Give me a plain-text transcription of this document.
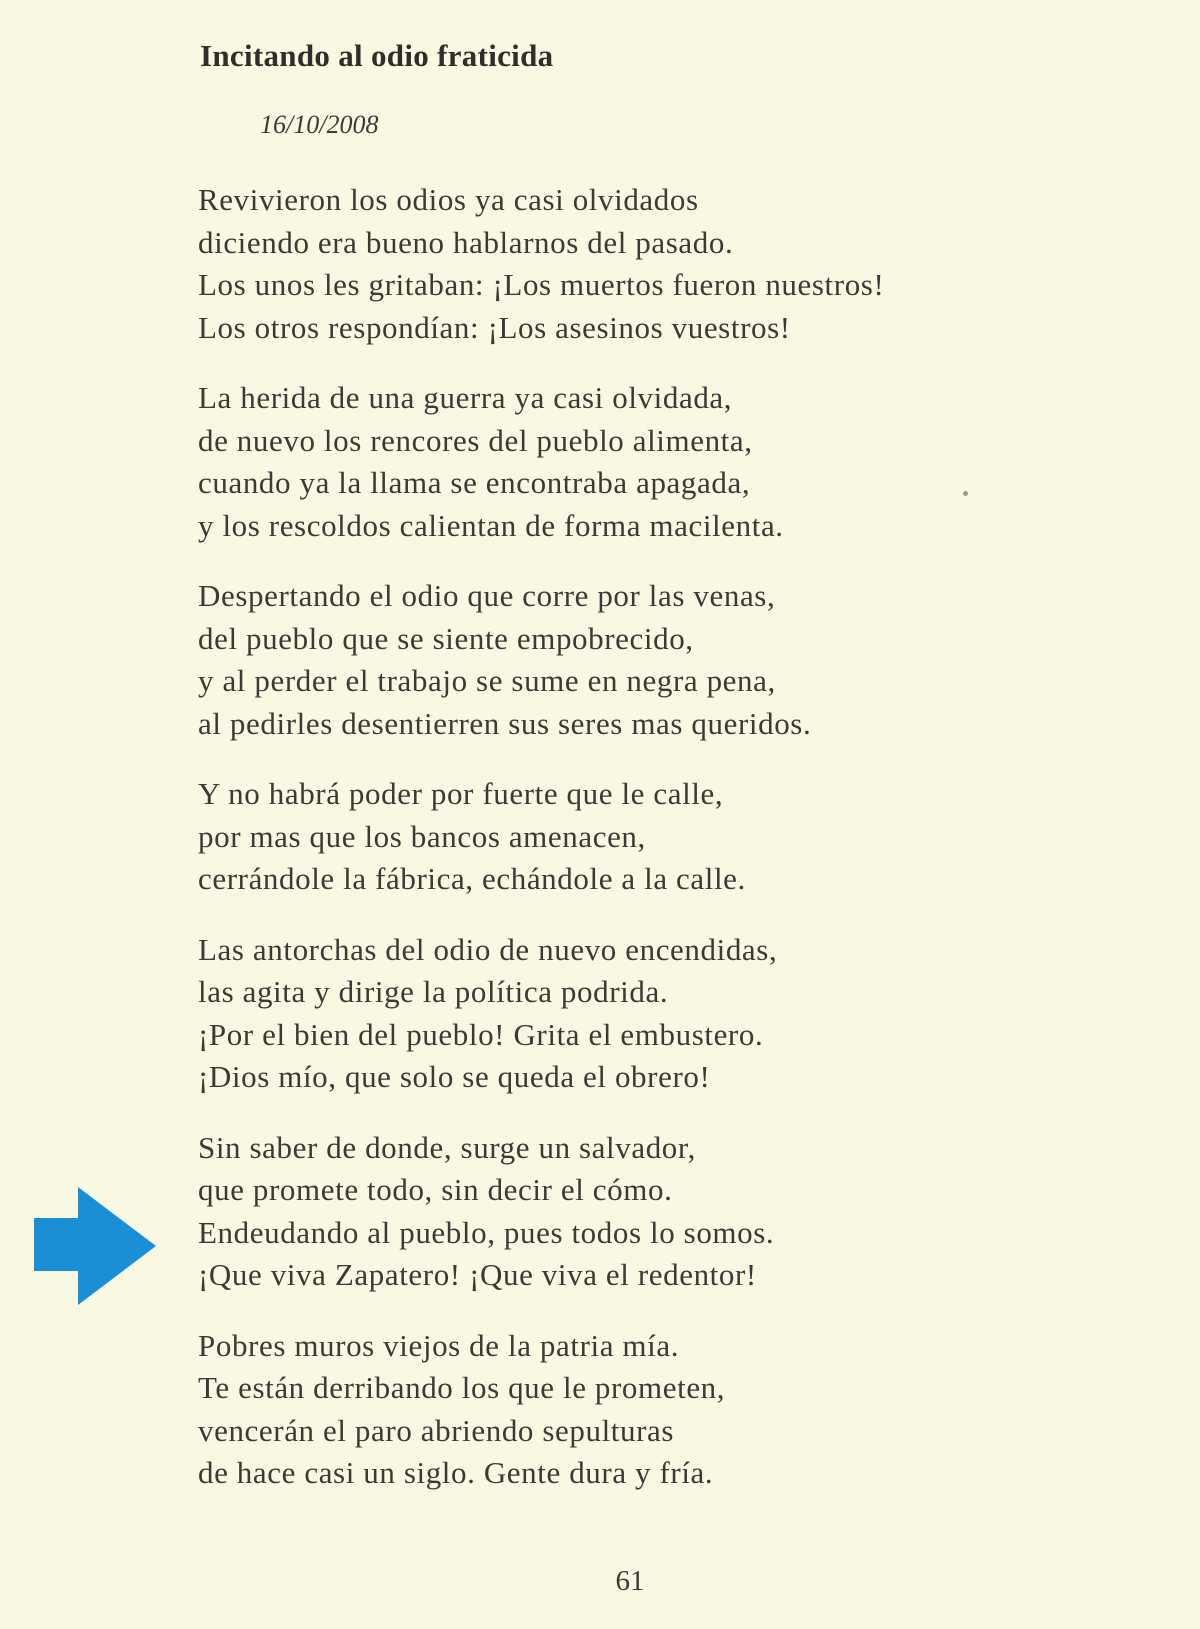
Incitando al odio fraticida
16/10/2008
Revivieron los odios ya casi olvidados
diciendo era bueno hablarnos del pasado.
Los unos les gritaban: ¡Los muertos fueron nuestros!
Los otros respondían: ¡Los asesinos vuestros!
La herida de una guerra ya casi olvidada,
de nuevo los rencores del pueblo alimenta,
cuando ya la llama se encontraba apagada,
y los rescoldos calientan de forma macilenta.
Despertando el odio que corre por las venas,
del pueblo que se siente empobrecido,
y al perder el trabajo se sume en negra pena,
al pedirles desentierren sus seres mas queridos.
Y no habrá poder por fuerte que le calle,
por mas que los bancos amenacen,
cerrándole la fábrica, echándole a la calle.
Las antorchas del odio de nuevo encendidas,
las agita y dirige la política podrida.
¡Por el bien del pueblo! Grita el embustero.
¡Dios mío, que solo se queda el obrero!
Sin saber de donde, surge un salvador,
que promete todo, sin decir el cómo.
Endeudando al pueblo, pues todos lo somos.
¡Que viva Zapatero! ¡Que viva el redentor!
Pobres muros viejos de la patria mía.
Te están derribando los que le prometen,
vencerán el paro abriendo sepulturas
de hace casi un siglo. Gente dura y fría.
61
